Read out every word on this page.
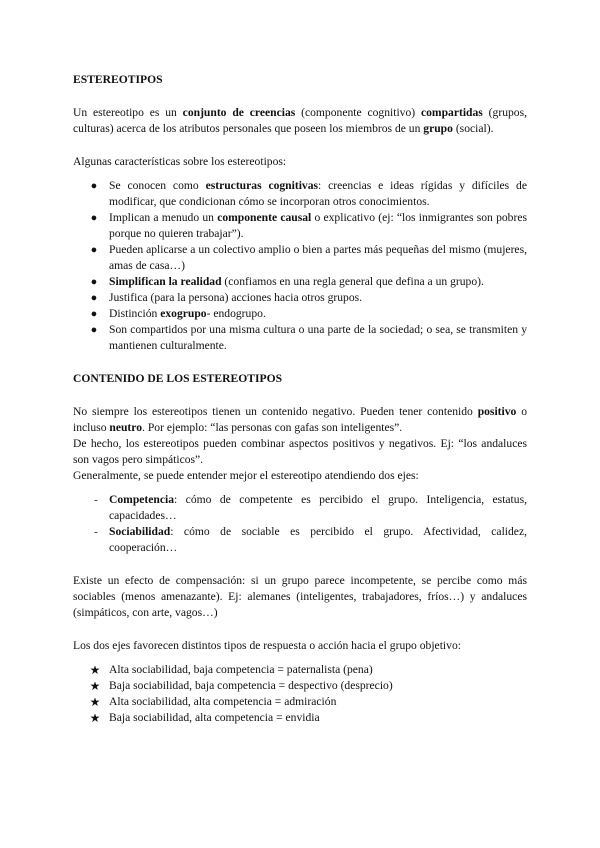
ESTEREOTIPOS

Un estereotipo es un conjunto de creencias (componente cognitivo) compartidas (grupos, culturas) acerca de los atributos personales que poseen los miembros de un grupo (social).

Algunas características sobre los estereotipos:

●	Se conocen como estructuras cognitivas: creencias e ideas rígidas y difíciles de modificar, que condicionan cómo se incorporan otros conocimientos.
●	Implican a menudo un componente causal o explicativo (ej: “los inmigrantes son pobres porque no quieren trabajar”).
●	Pueden aplicarse a un colectivo amplio o bien a partes más pequeñas del mismo (mujeres, amas de casa…)
●	Simplifican la realidad (confiamos en una regla general que defina a un grupo).
●	Justifica (para la persona) acciones hacia otros grupos.
●	Distinción exogrupo- endogrupo.
●	Son compartidos por una misma cultura o una parte de la sociedad; o sea, se transmiten y mantienen culturalmente.
CONTENIDO DE LOS ESTEREOTIPOS

No siempre los estereotipos tienen un contenido negativo. Pueden tener contenido positivo o incluso neutro. Por ejemplo: “las personas con gafas son inteligentes”.

De hecho, los estereotipos pueden combinar aspectos positivos y negativos. Ej: “los andaluces son vagos pero simpáticos”.

Generalmente, se puede entender mejor el estereotipo atendiendo dos ejes:

- Competencia: cómo de competente es percibido el grupo. Inteligencia, estatus, capacidades…
- Sociabilidad: cómo de sociable es percibido el grupo. Afectividad, calidez, cooperación…

Existe un efecto de compensación: si un grupo parece incompetente, se percibe como más sociables (menos amenazante). Ej: alemanes (inteligentes, trabajadores, fríos…) y andaluces (simpáticos, con arte, vagos…)

Los dos ejes favorecen distintos tipos de respuesta o acción hacia el grupo objetivo:

★ Alta sociabilidad, baja competencia = paternalista (pena)
★ Baja sociabilidad, baja competencia = despectivo (desprecio)
★ Alta sociabilidad, alta competencia = admiración
★ Baja sociabilidad, alta competencia = envidia
